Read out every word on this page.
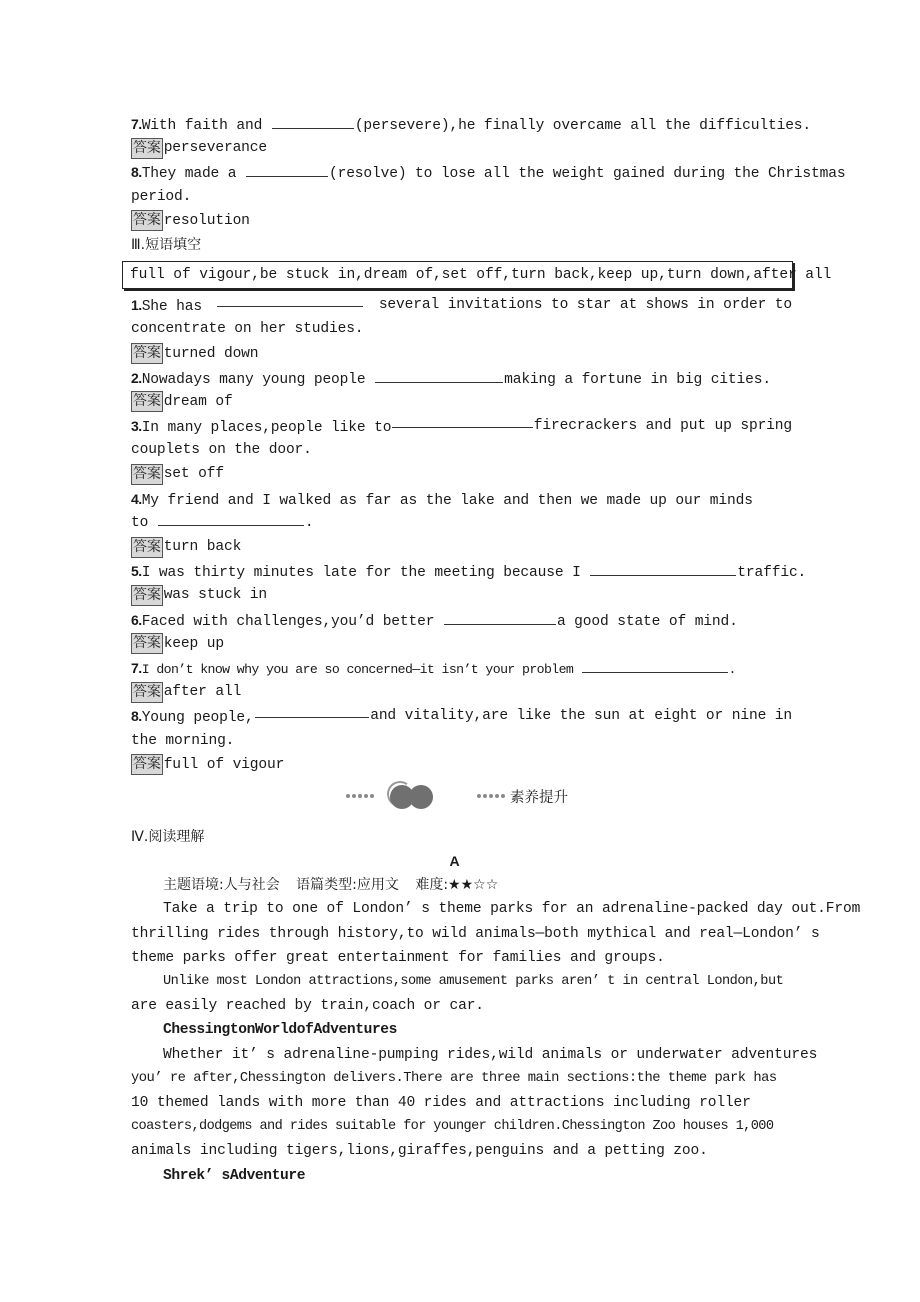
7.With faith and	(persevere),he finally overcame all the difficulties.
答案 perseverance
8.They made a	(resolve) to lose all the weight gained during the Christmas
period.
答案 resolution
Ⅲ.短语填空
full of vigour,be stuck in,dream of,set off,turn back,keep up,turn down,after all
1.She has	several invitations to star at shows in order to
concentrate on her studies.
答案 turned down
2.Nowadays many young people	making a fortune in big cities.
答案 dream of
3.In many places,people like to	firecrackers and put up spring
couplets on the door.
答案 set off
4.My friend and I walked as far as the lake and then we made up our minds
to	.
答案 turn back
5.I was thirty minutes late for the meeting because I	traffic.
答案 was stuck in
6.Faced with challenges,you’d better	a good state of mind.
答案 keep up
7.I don’t know why you are so concerned—it isn’t your problem	.
答案 after all
8.Young people,	and vitality,are like the sun at eight or nine in
the morning.
答案 full of vigour
Ⅳ.阅读理解
A
主题语境:人与社会 语篇类型:应用文 难度:★★☆☆
Take a trip to one of London’ s theme parks for an adrenaline-packed day out.From
thrilling rides through history,to wild animals—both mythical and real—London’ s
theme parks offer great entertainment for families and groups.
Unlike most London attractions,some amusement parks aren’ t in central London,but
are easily reached by train,coach or car.
ChessingtonWorldofAdventures
Whether it’ s adrenaline-pumping rides,wild animals or underwater adventures
you’ re after,Chessington delivers.There are three main sections:the theme park has
10 themed lands with more than 40 rides and attractions including roller
coasters,dodgems and rides suitable for younger children.Chessington Zoo houses 1,000
animals including tigers,lions,giraffes,penguins and a petting zoo.
Shrek’ sAdventure
素养提升
